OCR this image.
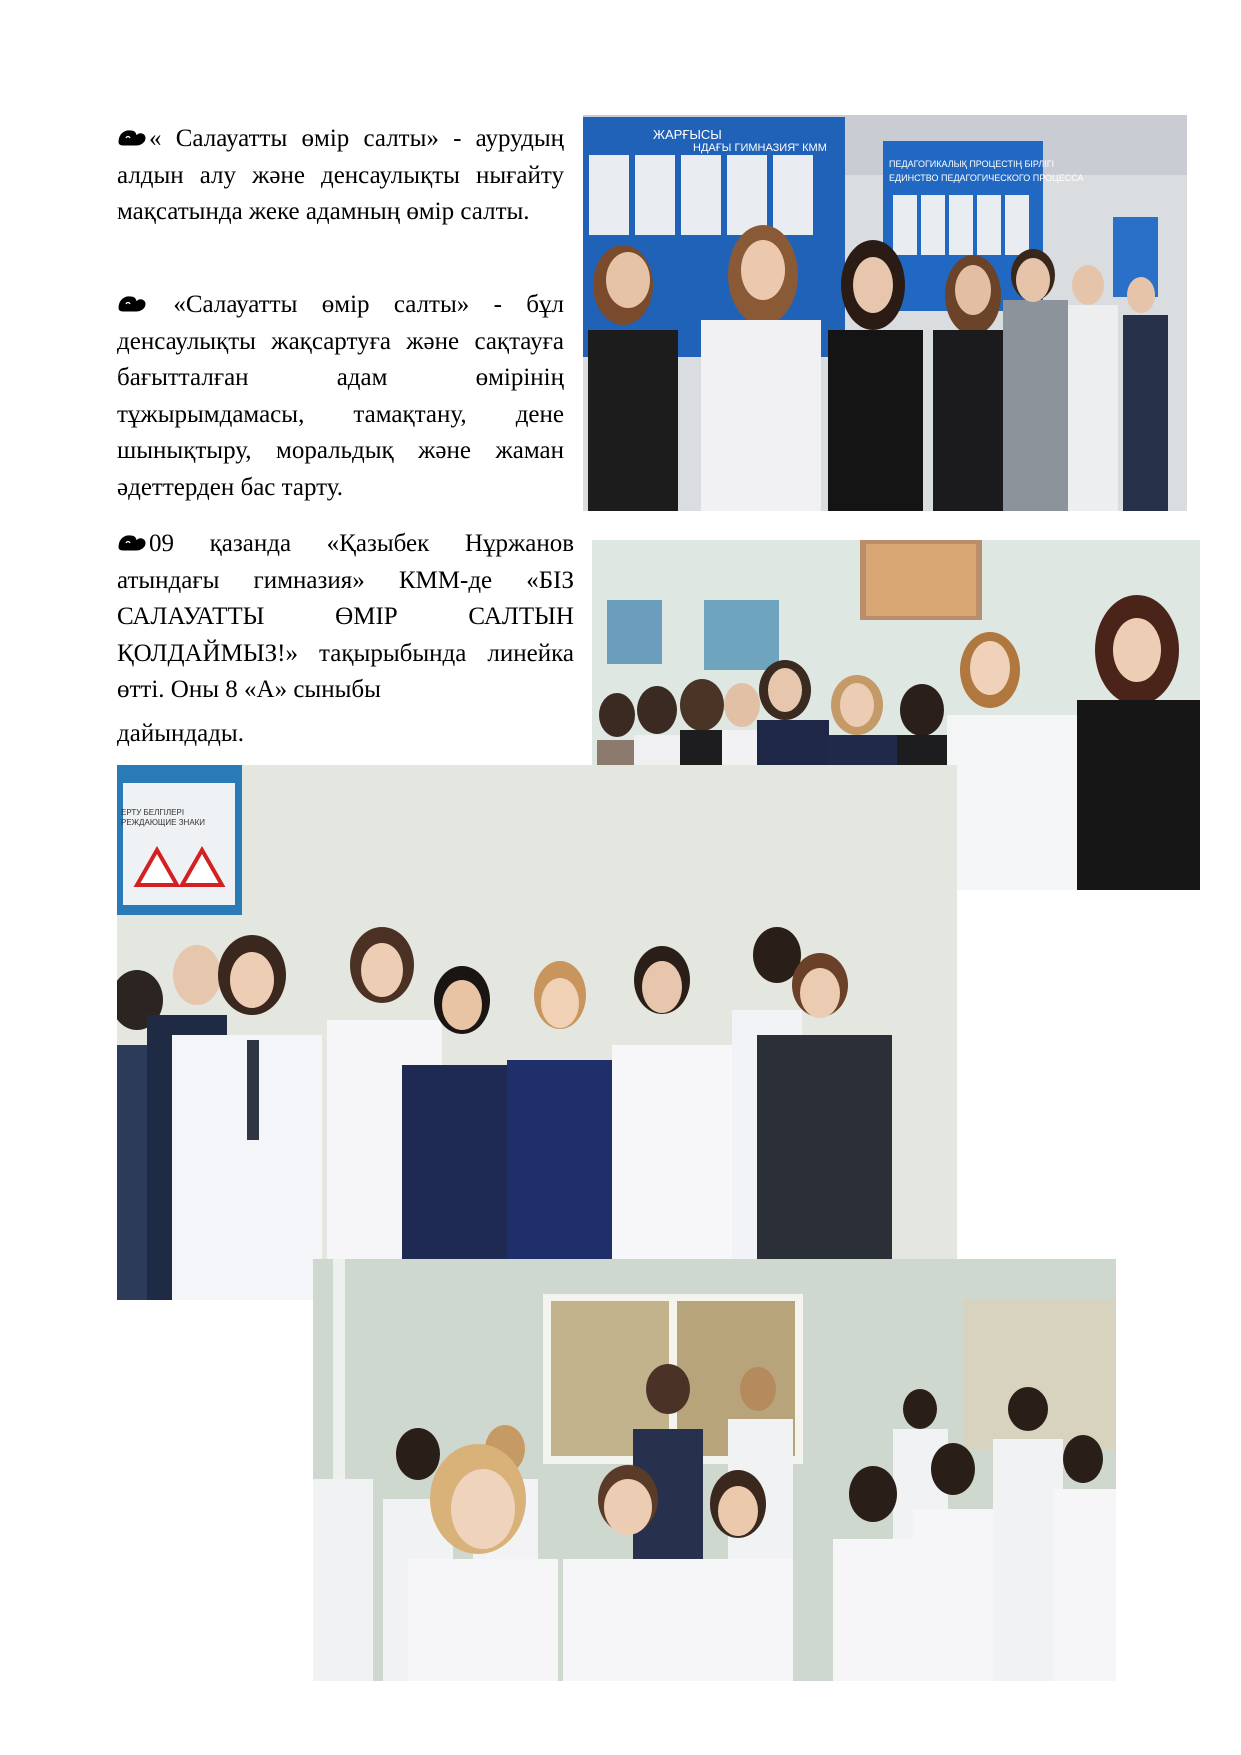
« Салауатты өмір салты» - аурудың алдын алу және денсаулықты нығайту мақсатында жеке адамның өмір салты.
«Салауатты өмір салты» - бұл денсаулықты жақсартуға және сақтауға бағытталған адам өмірінің тұжырымдамасы, тамақтану, дене шынықтыру, моральдық және жаман әдеттерден бас тарту.
09 қазанда «Қазыбек Нұржанов атындағы гимназия» КММ-де «БІЗ САЛАУАТТЫ ӨМІР САЛТЫН ҚОЛДАЙМЫЗ!» тақырыбында линейка өтті. Оны 8 «А» сыныбы
дайындады.
ЖАРҒЫСЫ
НДАҒЫ ГИМНАЗИЯ" КММ
ПЕДАГОГИКАЛЫҚ ПРОЦЕСТІҢ БІРЛІГІ
ЕДИНСТВО ПЕДАГОГИЧЕСКОГО ПРОЦЕССА
ЕРТУ БЕЛГІЛЕРІ
РЕЖДАЮЩИЕ ЗНАКИ
